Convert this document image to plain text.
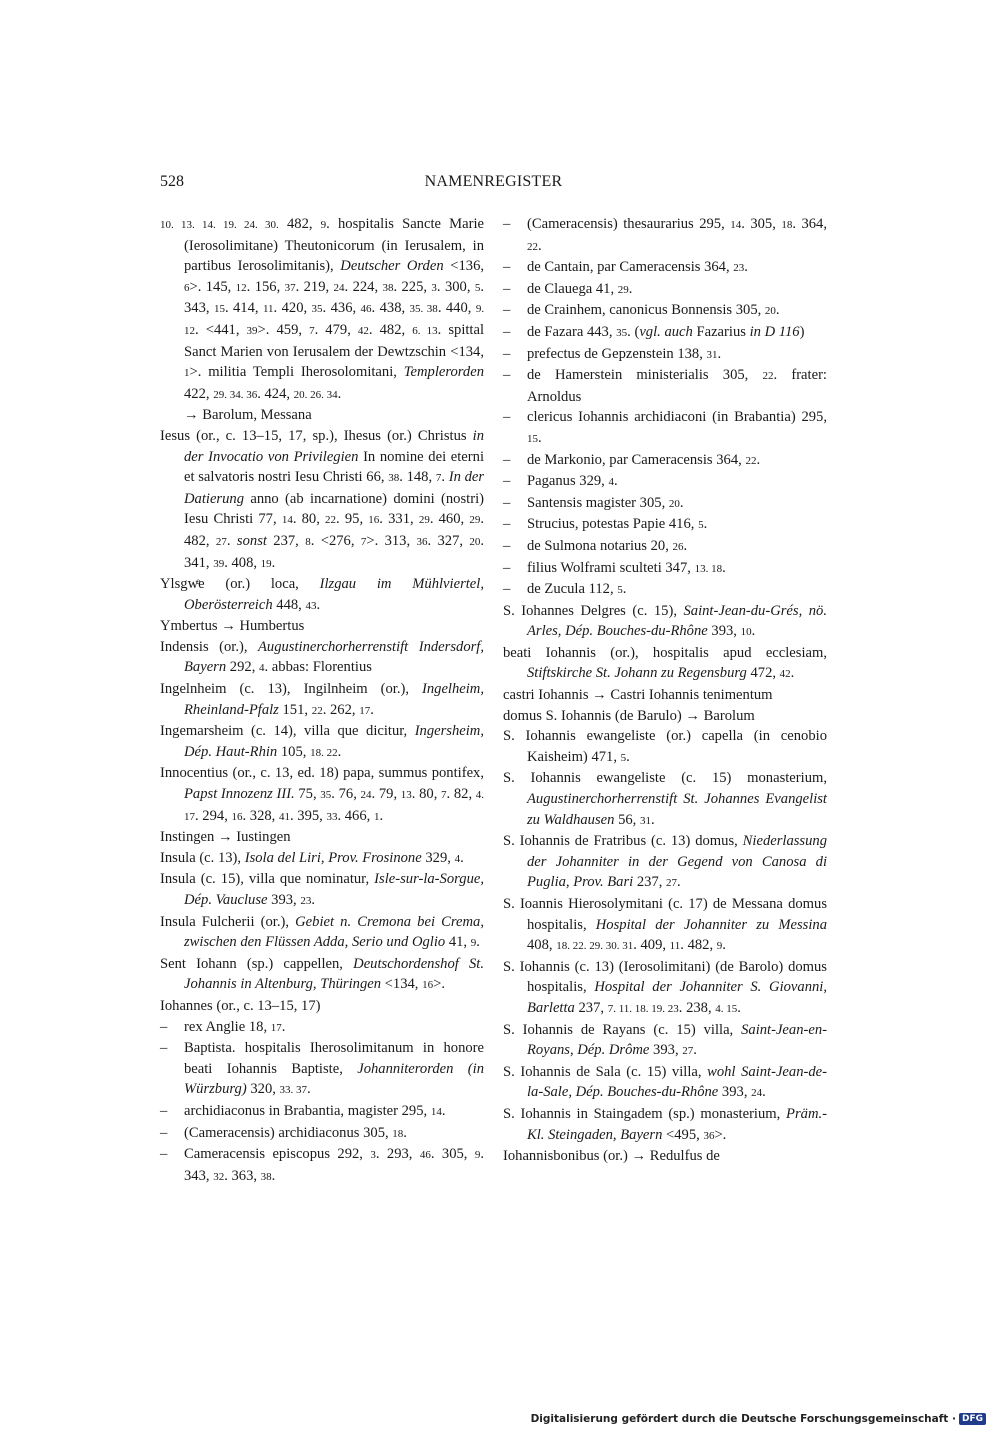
528	NAMENREGISTER
10. 13. 14. 19. 24. 30. 482, 9. hospitalis Sancte Marie (Ierosolimitane) Theutonicorum (in Ierusalem, in partibus Ierosolimitanis), Deutscher Orden <136, 6>. 145, 12. 156, 37. 219, 24. 224, 38. 225, 3. 300, 5. 343, 15. 414, 11. 420, 35. 436, 46. 438, 35. 38. 440, 9. 12. <441, 39>. 459, 7. 479, 42. 482, 6. 13. spittal Sanct Marien von Ierusalem der Dewtzschin <134, 1>. militia Templi Iherosolomitani, Templerorden 422, 29. 34. 36. 424, 20. 26. 34.
→ Barolum, Messana
Iesus (or., c. 13–15, 17, sp.), Ihesus (or.) Christus in der Invocatio von Privilegien In nomine dei eterni et salvatoris nostri Iesu Christi 66, 38. 148, 7. In der Datierung anno (ab incarnatione) domini (nostri) Iesu Christi 77, 14. 80, 22. 95, 16. 331, 29. 460, 29. 482, 27. sonst 237, 8. <276, 7>. 313, 36. 327, 20. 341, 39. 408, 19.
Ylsgwͤe (or.) loca, Ilzgau im Mühlviertel, Oberösterreich 448, 43.
Ymbertus → Humbertus
Indensis (or.), Augustinerchorherrenstift Indersdorf, Bayern 292, 4. abbas: Florentius
Ingelnheim (c. 13), Ingilnheim (or.), Ingelheim, Rheinland-Pfalz 151, 22. 262, 17.
Ingemarsheim (c. 14), villa que dicitur, Ingersheim, Dép. Haut-Rhin 105, 18. 22.
Innocentius (or., c. 13, ed. 18) papa, summus pontifex, Papst Innozenz III. 75, 35. 76, 24. 79, 13. 80, 7. 82, 4. 17. 294, 16. 328, 41. 395, 33. 466, 1.
Instingen → Iustingen
Insula (c. 13), Isola del Liri, Prov. Frosinone 329, 4.
Insula (c. 15), villa que nominatur, Isle-sur-la-Sorgue, Dép. Vaucluse 393, 23.
Insula Fulcherii (or.), Gebiet n. Cremona bei Crema, zwischen den Flüssen Adda, Serio und Oglio 41, 9.
Sent Iohann (sp.) cappellen, Deutschordenshof St. Johannis in Altenburg, Thüringen <134, 16>.
Iohannes (or., c. 13–15, 17)
– rex Anglie 18, 17.
– Baptista. hospitalis Iherosolimitanum in honore beati Iohannis Baptiste, Johanniterorden (in Würzburg) 320, 33. 37.
– archidiaconus in Brabantia, magister 295, 14.
– (Cameracensis) archidiaconus 305, 18.
– Cameracensis episcopus 292, 3. 293, 46. 305, 9. 343, 32. 363, 38.
– (Cameracensis) thesaurarius 295, 14. 305, 18. 364, 22.
– de Cantain, par Cameracensis 364, 23.
– de Clauega 41, 29.
– de Crainhem, canonicus Bonnensis 305, 20.
– de Fazara 443, 35. (vgl. auch Fazarius in D 116)
– prefectus de Gepzenstein 138, 31.
– de Hamerstein ministerialis 305, 22. frater: Arnoldus
– clericus Iohannis archidiaconi (in Brabantia) 295, 15.
– de Markonio, par Cameracensis 364, 22.
– Paganus 329, 4.
– Santensis magister 305, 20.
– Strucius, potestas Papie 416, 5.
– de Sulmona notarius 20, 26.
– filius Wolframi sculteti 347, 13. 18.
– de Zucula 112, 5.
S. Iohannes Delgres (c. 15), Saint-Jean-du-Grés, nö. Arles, Dép. Bouches-du-Rhône 393, 10.
beati Iohannis (or.), hospitalis apud ecclesiam, Stiftskirche St. Johann zu Regensburg 472, 42.
castri Iohannis → Castri Iohannis tenimentum
domus S. Iohannis (de Barulo) → Barolum
S. Iohannis ewangeliste (or.) capella (in cenobio Kaisheim) 471, 5.
S. Iohannis ewangeliste (c. 15) monasterium, Augustinerchorherrenstift St. Johannes Evangelist zu Waldhausen 56, 31.
S. Iohannis de Fratribus (c. 13) domus, Niederlassung der Johanniter in der Gegend von Canosa di Puglia, Prov. Bari 237, 27.
S. Ioannis Hierosolymitani (c. 17) de Messana domus hospitalis, Hospital der Johanniter zu Messina 408, 18. 22. 29. 30. 31. 409, 11. 482, 9.
S. Iohannis (c. 13) (Ierosolimitani) (de Barolo) domus hospitalis, Hospital der Johanniter S. Giovanni, Barletta 237, 7. 11. 18. 19. 23. 238, 4. 15.
S. Iohannis de Rayans (c. 15) villa, Saint-Jean-en-Royans, Dép. Drôme 393, 27.
S. Iohannis de Sala (c. 15) villa, wohl Saint-Jean-de-la-Sale, Dép. Bouches-du-Rhône 393, 24.
S. Iohannis in Staingadem (sp.) monasterium, Präm.-Kl. Steingaden, Bayern <495, 36>.
Iohannisbonibus (or.) → Redulfus de
Digitalisierung gefördert durch die Deutsche Forschungsgemeinschaft · DFG
